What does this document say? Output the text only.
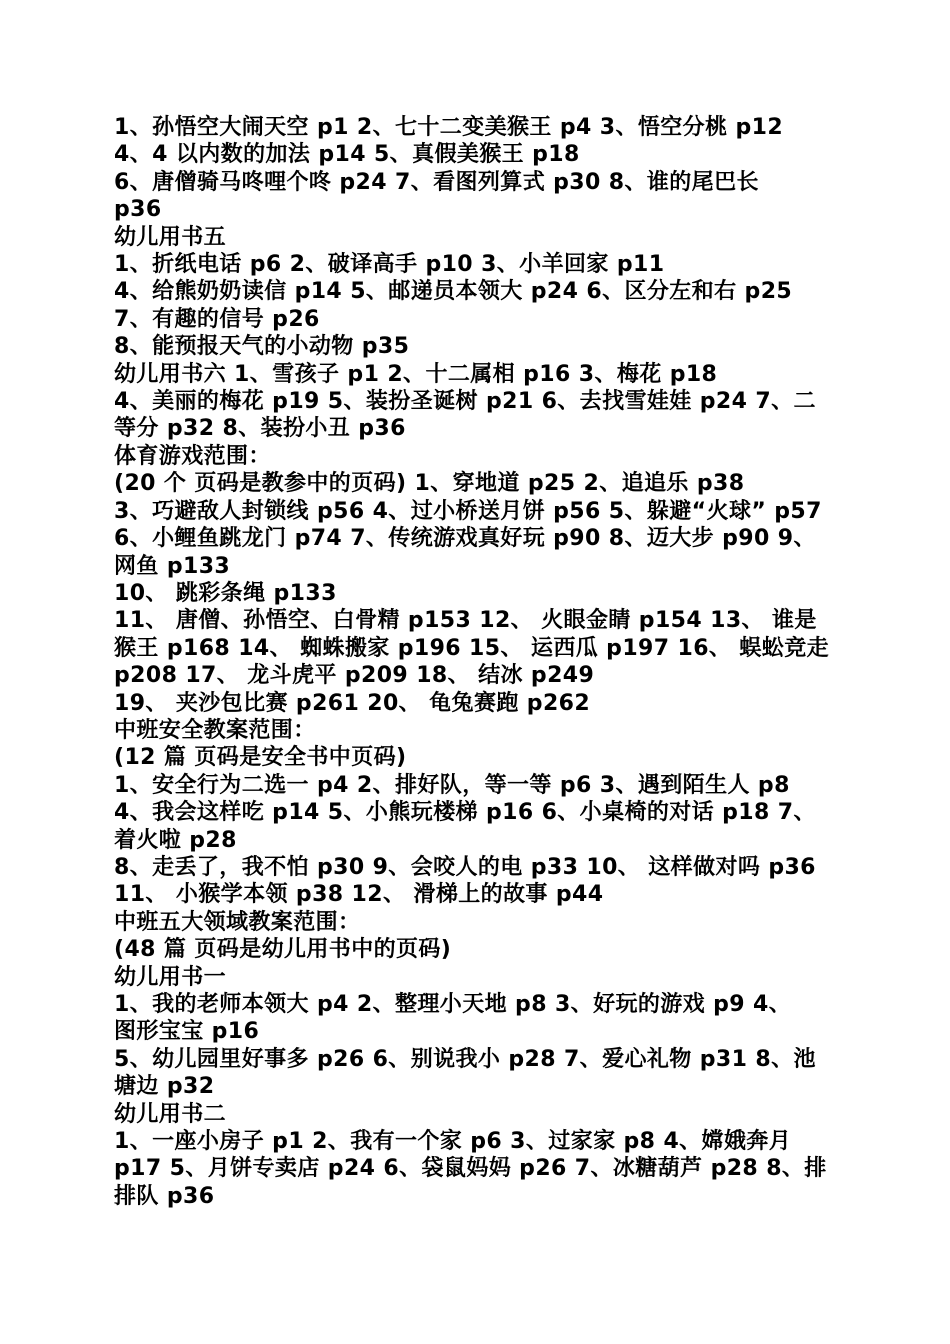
1、孙悟空大闹天空 p1 2、七十二变美猴王 p4 3、悟空分桃 p12
4、4 以内数的加法 p14 5、真假美猴王 p18
6、唐僧骑马咚哩个咚 p24 7、看图列算式 p30 8、谁的尾巴长
p36
幼儿用书五
1、折纸电话 p6 2、破译高手 p10 3、小羊回家 p11
4、给熊奶奶读信 p14 5、邮递员本领大 p24 6、区分左和右 p25
7、有趣的信号 p26
8、能预报天气的小动物 p35
幼儿用书六 1、雪孩子 p1 2、十二属相 p16 3、梅花 p18
4、美丽的梅花 p19 5、装扮圣诞树 p21 6、去找雪娃娃 p24 7、二
等分 p32 8、装扮小丑 p36
体育游戏范围：
(20 个 页码是教参中的页码) 1、穿地道 p25 2、追追乐 p38
3、巧避敌人封锁线 p56 4、过小桥送月饼 p56 5、躲避“火球” p57
6、小鲤鱼跳龙门 p74 7、传统游戏真好玩 p90 8、迈大步 p90 9、
网鱼 p133
10、 跳彩条绳 p133
11、 唐僧、孙悟空、白骨精 p153 12、 火眼金睛 p154 13、 谁是
猴王 p168 14、 蜘蛛搬家 p196 15、 运西瓜 p197 16、 蜈蚣竞走
p208 17、 龙斗虎平 p209 18、 结冰 p249
19、 夹沙包比赛 p261 20、 龟兔赛跑 p262
中班安全教案范围：
(12 篇 页码是安全书中页码)
1、安全行为二选一 p4 2、排好队，等一等 p6 3、遇到陌生人 p8
4、我会这样吃 p14 5、小熊玩楼梯 p16 6、小桌椅的对话 p18 7、
着火啦 p28
8、走丢了，我不怕 p30 9、会咬人的电 p33 10、 这样做对吗 p36
11、 小猴学本领 p38 12、 滑梯上的故事 p44
中班五大领域教案范围：
(48 篇 页码是幼儿用书中的页码)
幼儿用书一
1、我的老师本领大 p4 2、整理小天地 p8 3、好玩的游戏 p9 4、
图形宝宝 p16
5、幼儿园里好事多 p26 6、别说我小 p28 7、爱心礼物 p31 8、池
塘边 p32
幼儿用书二
1、一座小房子 p1 2、我有一个家 p6 3、过家家 p8 4、嫦娥奔月
p17 5、月饼专卖店 p24 6、袋鼠妈妈 p26 7、冰糖葫芦 p28 8、排
排队 p36
